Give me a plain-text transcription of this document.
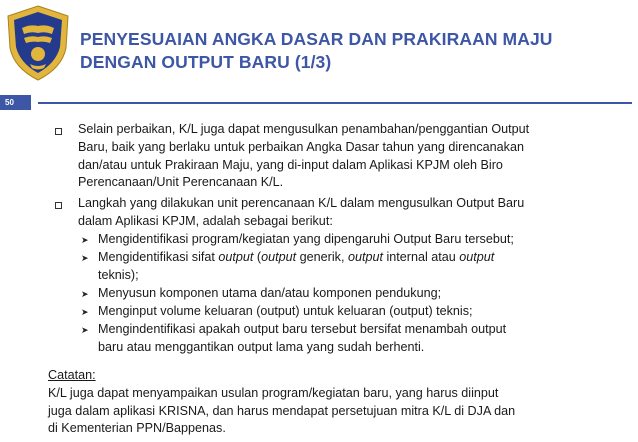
PENYESUAIAN ANGKA DASAR DAN PRAKIRAAN MAJU
DENGAN OUTPUT BARU (1/3)
50
Selain perbaikan, K/L juga dapat mengusulkan penambahan/penggantian Output
Baru, baik yang berlaku untuk perbaikan Angka Dasar tahun yang direncanakan
dan/atau untuk Prakiraan Maju, yang di-input dalam Aplikasi KPJM oleh Biro
Perencanaan/Unit Perencanaan K/L.
Langkah yang dilakukan unit perencanaan K/L dalam mengusulkan Output Baru
dalam Aplikasi KPJM, adalah sebagai berikut:
➤ Mengidentifikasi program/kegiatan yang dipengaruhi Output Baru tersebut;
➤ Mengidentifikasi sifat output (output generik, output internal atau output
teknis);
➤ Menyusun komponen utama dan/atau komponen pendukung;
➤ Menginput volume keluaran (output) untuk keluaran (output) teknis;
➤ Mengindentifikasi apakah output baru tersebut bersifat menambah output
baru atau menggantikan output lama yang sudah berhenti.
Catatan:
K/L juga dapat menyampaikan usulan program/kegiatan baru, yang harus diinput
juga dalam aplikasi KRISNA, dan harus mendapat persetujuan mitra K/L di DJA dan
di Kementerian PPN/Bappenas.
